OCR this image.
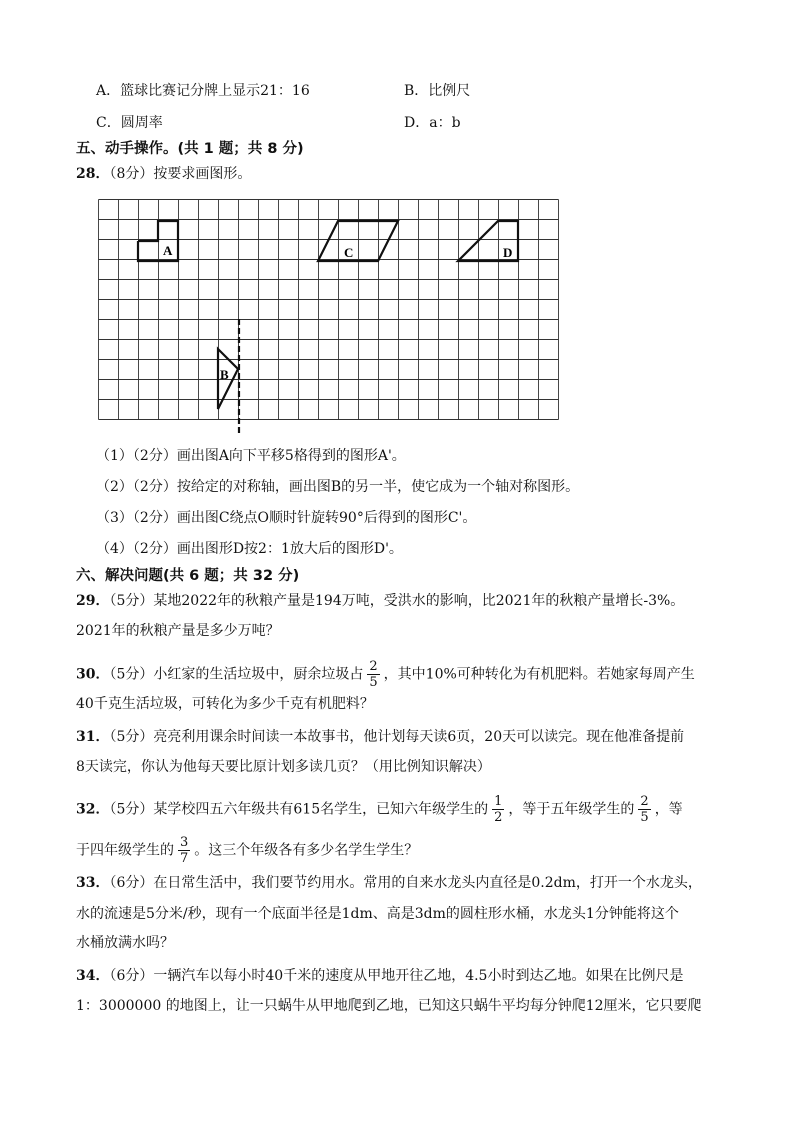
A．篮球比赛记分牌上显示21：16	B．比例尺
C．圆周率	D．a：b
五、动手操作。(共 1 题；共 8 分)
28．（8分）按要求画图形。
A	C	D
B
（1）（2分）画出图A向下平移5格得到的图形A'。
（2）（2分）按给定的对称轴，画出图B的另一半，使它成为一个轴对称图形。
（3）（2分）画出图C绕点O顺时针旋转90°后得到的图形C'。
（4）（2分）画出图形D按2：1放大后的图形D'。
六、解决问题(共 6 题；共 32 分)
29．（5分）某地2022年的秋粮产量是194万吨，受洪水的影响，比2021年的秋粮产量增长-3%。
2021年的秋粮产量是多少万吨？
30．（5分）小红家的生活垃圾中，厨余垃圾占 $\frac{2}{5}$ ，其中10%可种转化为有机肥料。若她家每周产生
40千克生活垃圾，可转化为多少千克有机肥料？
31．（5分）亮亮利用课余时间读一本故事书，他计划每天读6页，20天可以读完。现在他准备提前
8天读完，你认为他每天要比原计划多读几页？（用比例知识解决）
32．（5分）某学校四五六年级共有615名学生，已知六年级学生的 $\frac{1}{2}$ ，等于五年级学生的 $\frac{2}{5}$ ，等
于四年级学生的 $\frac{3}{7}$ 。这三个年级各有多少名学生学生？
33．（6分）在日常生活中，我们要节约用水。常用的自来水龙头内直径是0.2dm，打开一个水龙头，
水的流速是5分米/秒，现有一个底面半径是1dm、高是3dm的圆柱形水桶，水龙头1分钟能将这个
水桶放满水吗？
34．（6分）一辆汽车以每小时40千米的速度从甲地开往乙地，4.5小时到达乙地。如果在比例尺是
1：3000000 的地图上，让一只蜗牛从甲地爬到乙地，已知这只蜗牛平均每分钟爬12厘米，它只要爬
